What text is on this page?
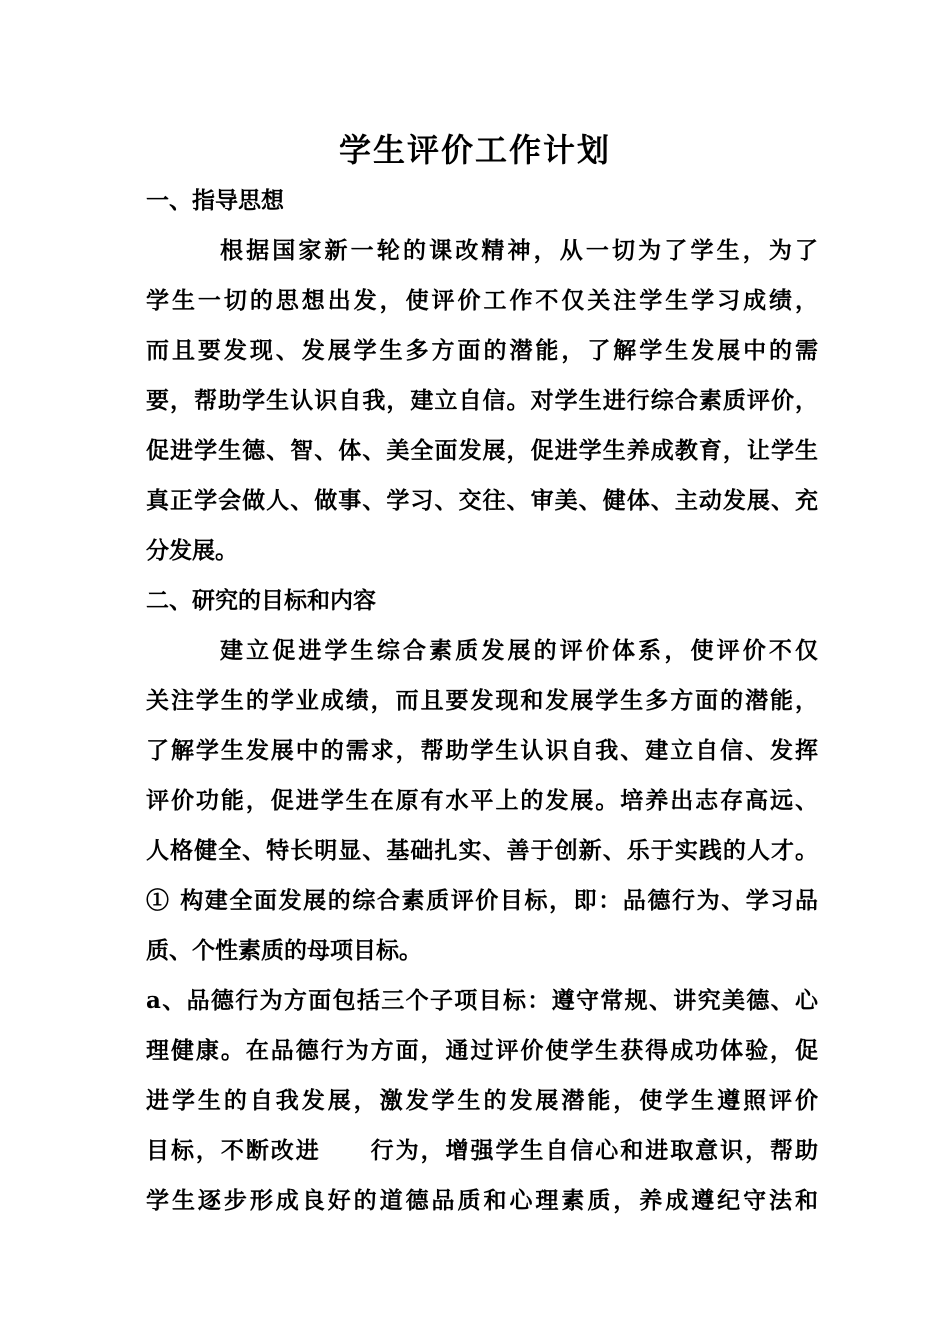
学生评价工作计划
一、指导思想
根据国家新一轮的课改精神，从一切为了学生，为了
学生一切的思想出发，使评价工作不仅关注学生学习成绩，
而且要发现、发展学生多方面的潜能，了解学生发展中的需
要，帮助学生认识自我，建立自信。对学生进行综合素质评价，
促进学生德、智、体、美全面发展，促进学生养成教育，让学生
真正学会做人、做事、学习、交往、审美、健体、主动发展、充
分发展。
二、研究的目标和内容
建立促进学生综合素质发展的评价体系，使评价不仅
关注学生的学业成绩，而且要发现和发展学生多方面的潜能，
了解学生发展中的需求，帮助学生认识自我、建立自信、发挥
评价功能，促进学生在原有水平上的发展。培养出志存高远、
人格健全、特长明显、基础扎实、善于创新、乐于实践的人才。
① 构建全面发展的综合素质评价目标，即：品德行为、学习品
质、个性素质的母项目标。
a、品德行为方面包括三个子项目标：遵守常规、讲究美德、心
理健康。在品德行为方面，通过评价使学生获得成功体验，促
进学生的自我发展，激发学生的发展潜能，使学生遵照评价
目标，不断改进　　行为，增强学生自信心和进取意识，帮助
学生逐步形成良好的道德品质和心理素质，养成遵纪守法和
